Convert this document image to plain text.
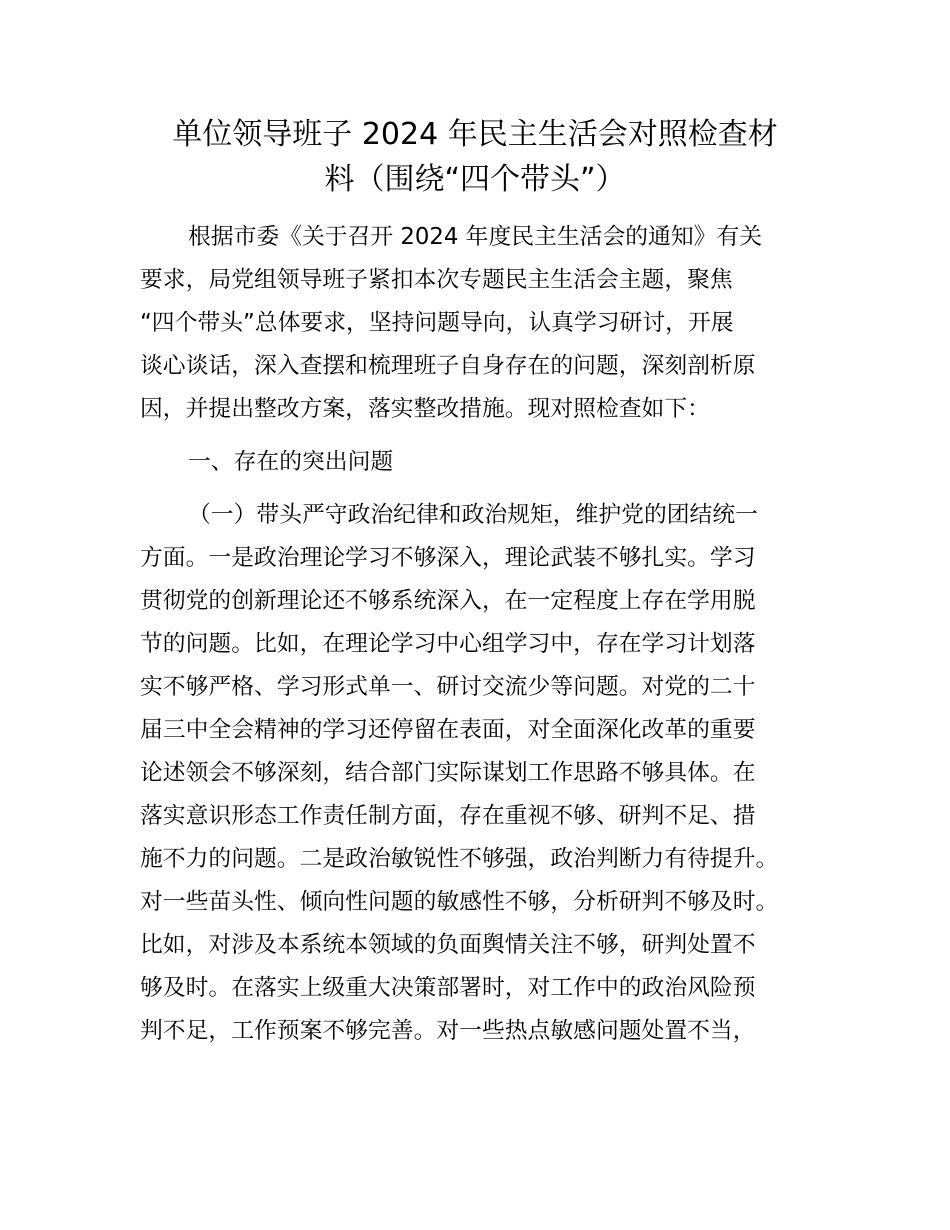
单位领导班子 2024 年民主生活会对照检查材
料（围绕“四个带头”）

根据市委《关于召开 2024 年度民主生活会的通知》有关

要求，局党组领导班子紧扣本次专题民主生活会主题，聚焦

“四个带头”总体要求，坚持问题导向，认真学习研讨，开展

谈心谈话，深入查摆和梳理班子自身存在的问题，深刻剖析原

因，并提出整改方案，落实整改措施。现对照检查如下：

一、存在的突出问题

（一）带头严守政治纪律和政治规矩，维护党的团结统一

方面。一是政治理论学习不够深入，理论武装不够扎实。学习

贯彻党的创新理论还不够系统深入，在一定程度上存在学用脱

节的问题。比如，在理论学习中心组学习中，存在学习计划落

实不够严格、学习形式单一、研讨交流少等问题。对党的二十

届三中全会精神的学习还停留在表面，对全面深化改革的重要

论述领会不够深刻，结合部门实际谋划工作思路不够具体。在

落实意识形态工作责任制方面，存在重视不够、研判不足、措

施不力的问题。二是政治敏锐性不够强，政治判断力有待提升。

对一些苗头性、倾向性问题的敏感性不够，分析研判不够及时。

比如，对涉及本系统本领域的负面舆情关注不够，研判处置不

够及时。在落实上级重大决策部署时，对工作中的政治风险预

判不足，工作预案不够完善。对一些热点敏感问题处置不当，
